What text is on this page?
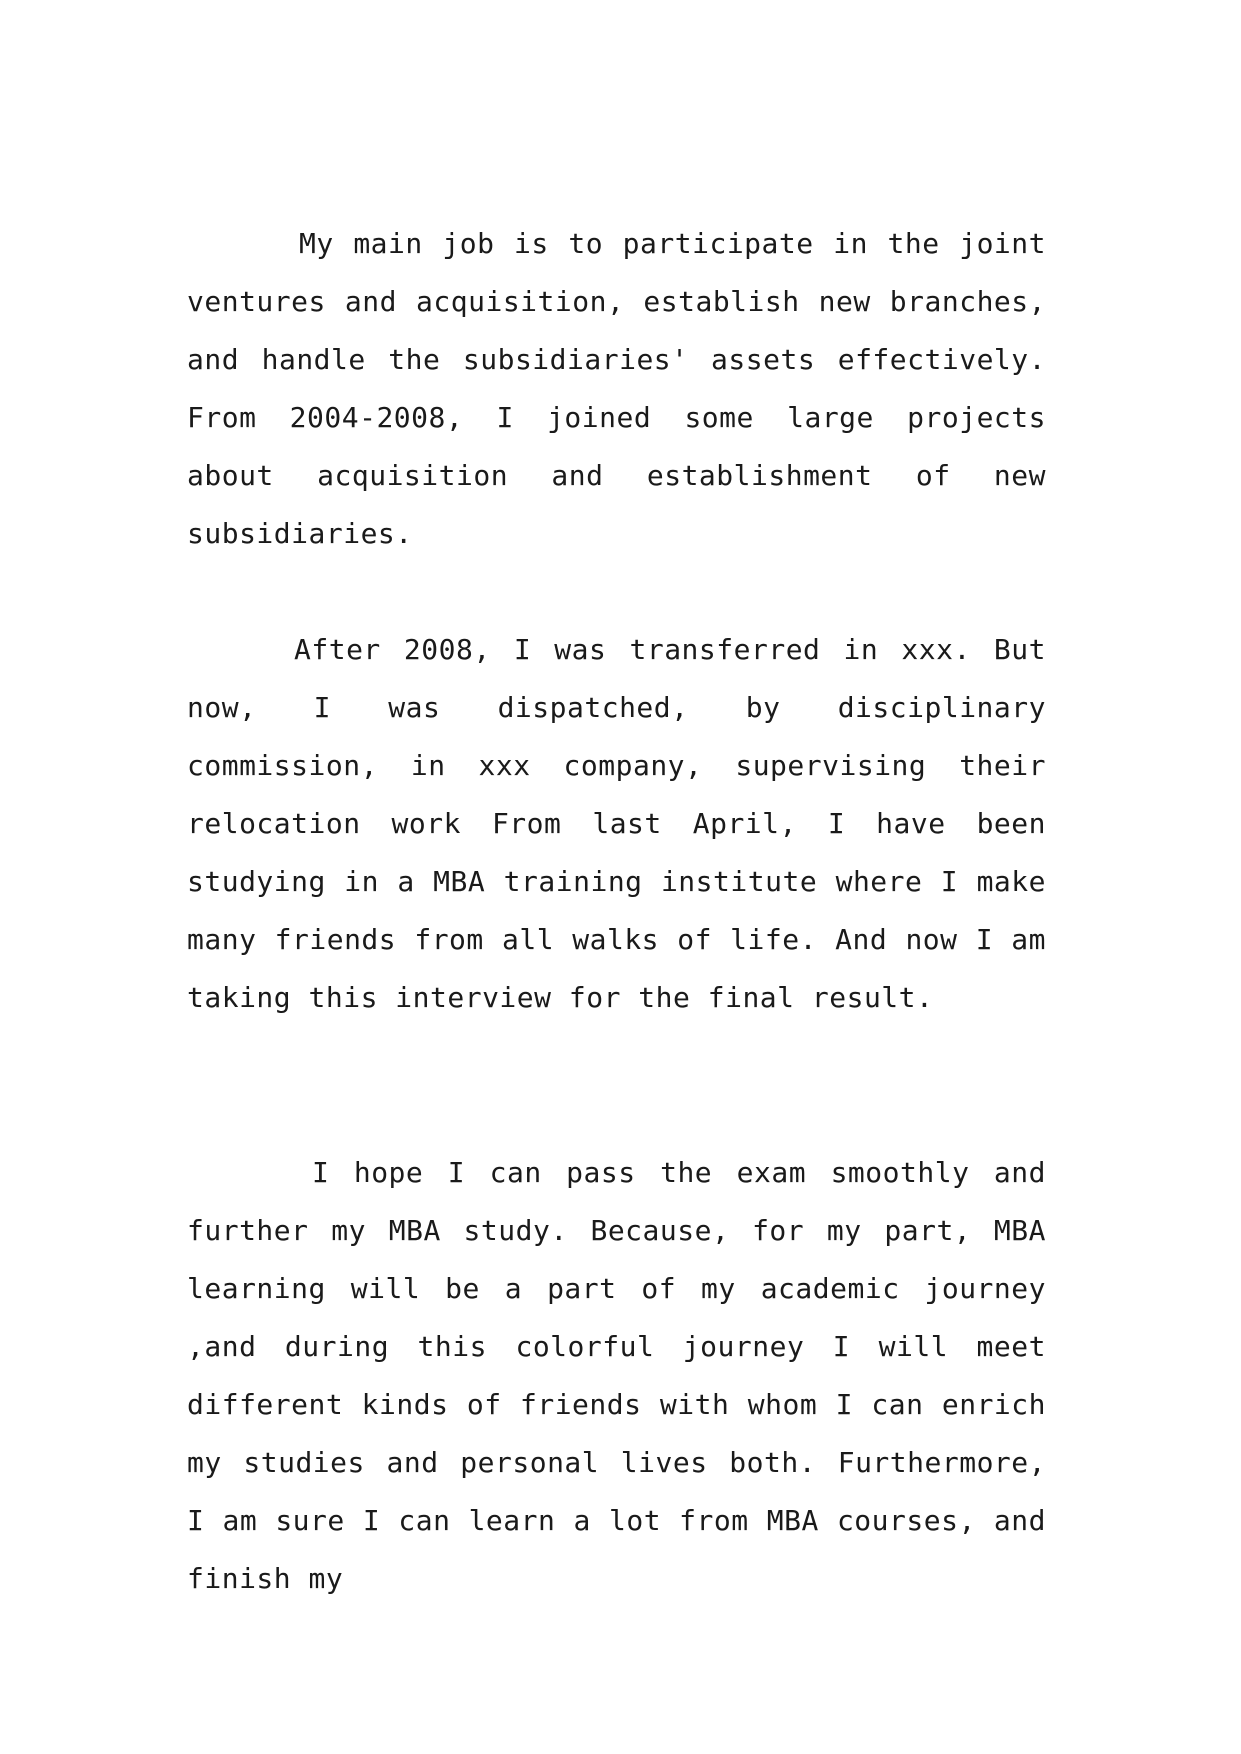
My main job is to participate in the joint ventures and acquisition, establish new branches, and handle the subsidiaries' assets effectively. From 2004-2008, I joined some large projects about acquisition and establishment of new subsidiaries.

After 2008, I was transferred in xxx. But now, I was dispatched, by disciplinary commission, in xxx company, supervising their relocation work From last April, I have been studying in a MBA training institute where I make many friends from all walks of life. And now I am taking this interview for the final result.

I hope I can pass the exam smoothly and further my MBA study. Because, for my part, MBA learning will be a part of my academic journey ,and during this colorful journey I will meet different kinds of friends with whom I can enrich my studies and personal lives both. Furthermore, I am sure I can learn a lot from MBA courses, and finish my
